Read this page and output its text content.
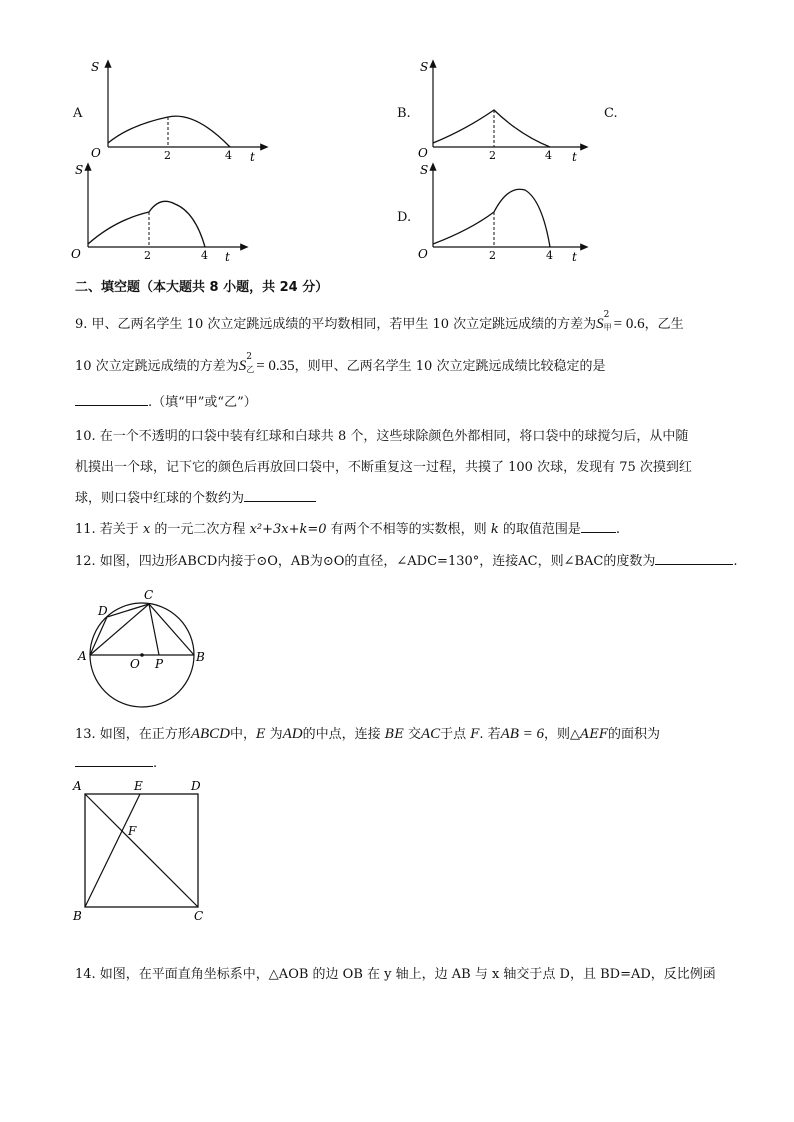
A
S
O	2	4 t
B.
S
O	2	4 t
C.
S
O	2	4 t
D.
S
O	2	4 t
二、填空题（本大题共 8 小题，共 24 分）
9. 甲、乙两名学生 10 次立定跳远成绩的平均数相同，若甲生 10 次立定跳远成绩的方差为S
2
甲 = 0.6，乙生
10 次立定跳远成绩的方差为S
2
乙 = 0.35，则甲、乙两名学生 10 次立定跳远成绩比较稳定的是
.（填“甲”或“乙”）
10. 在一个不透明的口袋中装有红球和白球共 8 个，这些球除颜色外都相同，将口袋中的球搅匀后，从中随
机摸出一个球，记下它的颜色后再放回口袋中，不断重复这一过程，共摸了 100 次球，发现有 75 次摸到红
球，则口袋中红球的个数约为
11. 若关于 x 的一元二次方程 x²+3x+k=0 有两个不相等的实数根，则 k 的取值范围是	.
12. 如图，四边形ABCD内接于⊙O，AB为⊙O的直径，∠ADC=130°，连接AC，则∠BAC的度数为	.
A	B
C
D
O P
13. 如图，在正方形ABCD中，E 为AD的中点，连接 BE 交AC于点 F. 若AB = 6，则△AEF的面积为
.
A	E	D
F
B	C
14. 如图，在平面直角坐标系中，△AOB 的边 OB 在 y 轴上，边 AB 与 x 轴交于点 D，且 BD=AD，反比例函
